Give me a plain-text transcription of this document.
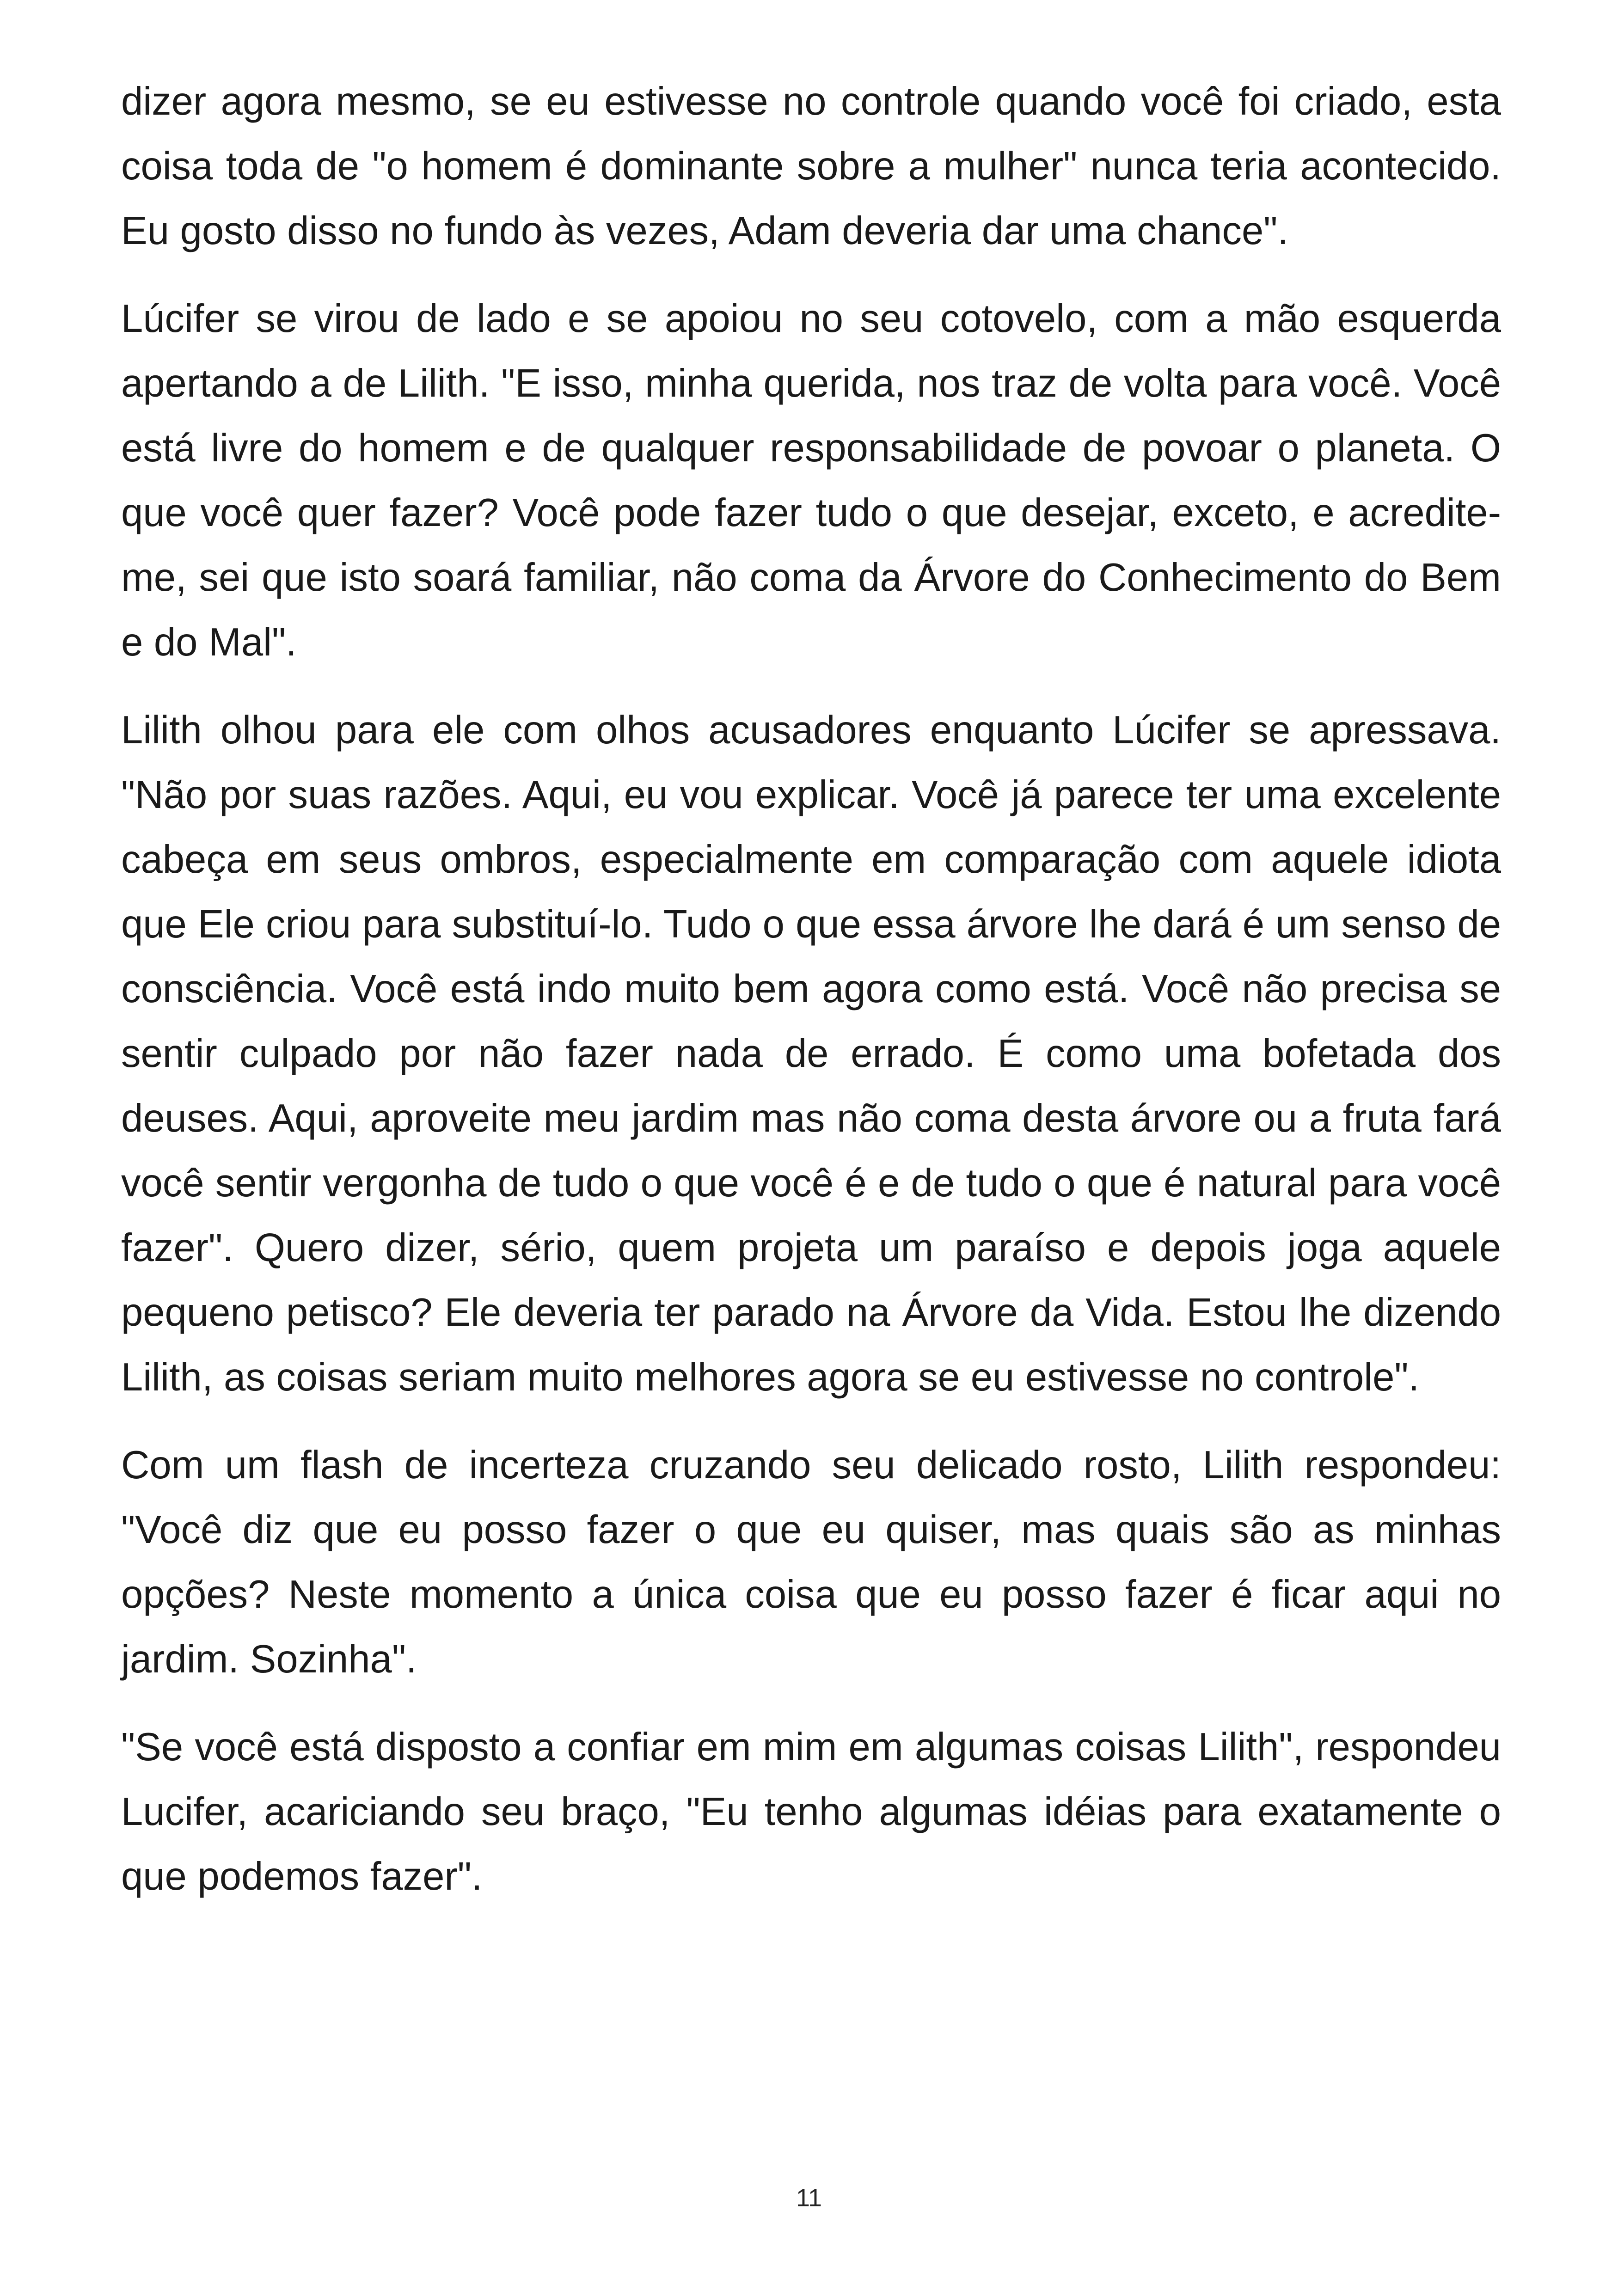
dizer agora mesmo, se eu estivesse no controle quando você foi criado, esta coisa toda de "o homem é dominante sobre a mulher" nunca teria acontecido. Eu gosto disso no fundo às vezes, Adam deveria dar uma chance".

Lúcifer se virou de lado e se apoiou no seu cotovelo, com a mão esquerda apertando a de Lilith. "E isso, minha querida, nos traz de volta para você. Você está livre do homem e de qualquer responsabilidade de povoar o planeta. O que você quer fazer? Você pode fazer tudo o que desejar, exceto, e acredite-me, sei que isto soará familiar, não coma da Árvore do Conhecimento do Bem e do Mal".

Lilith olhou para ele com olhos acusadores enquanto Lúcifer se apressava. "Não por suas razões. Aqui, eu vou explicar. Você já parece ter uma excelente cabeça em seus ombros, especialmente em comparação com aquele idiota que Ele criou para substituí-lo. Tudo o que essa árvore lhe dará é um senso de consciência. Você está indo muito bem agora como está. Você não precisa se sentir culpado por não fazer nada de errado. É como uma bofetada dos deuses. Aqui, aproveite meu jardim mas não coma desta árvore ou a fruta fará você sentir vergonha de tudo o que você é e de tudo o que é natural para você fazer". Quero dizer, sério, quem projeta um paraíso e depois joga aquele pequeno petisco? Ele deveria ter parado na Árvore da Vida. Estou lhe dizendo Lilith, as coisas seriam muito melhores agora se eu estivesse no controle".

Com um flash de incerteza cruzando seu delicado rosto, Lilith respondeu: "Você diz que eu posso fazer o que eu quiser, mas quais são as minhas opções? Neste momento a única coisa que eu posso fazer é ficar aqui no jardim. Sozinha".

"Se você está disposto a confiar em mim em algumas coisas Lilith", respondeu Lucifer, acariciando seu braço, "Eu tenho algumas idéias para exatamente o que podemos fazer".

11
